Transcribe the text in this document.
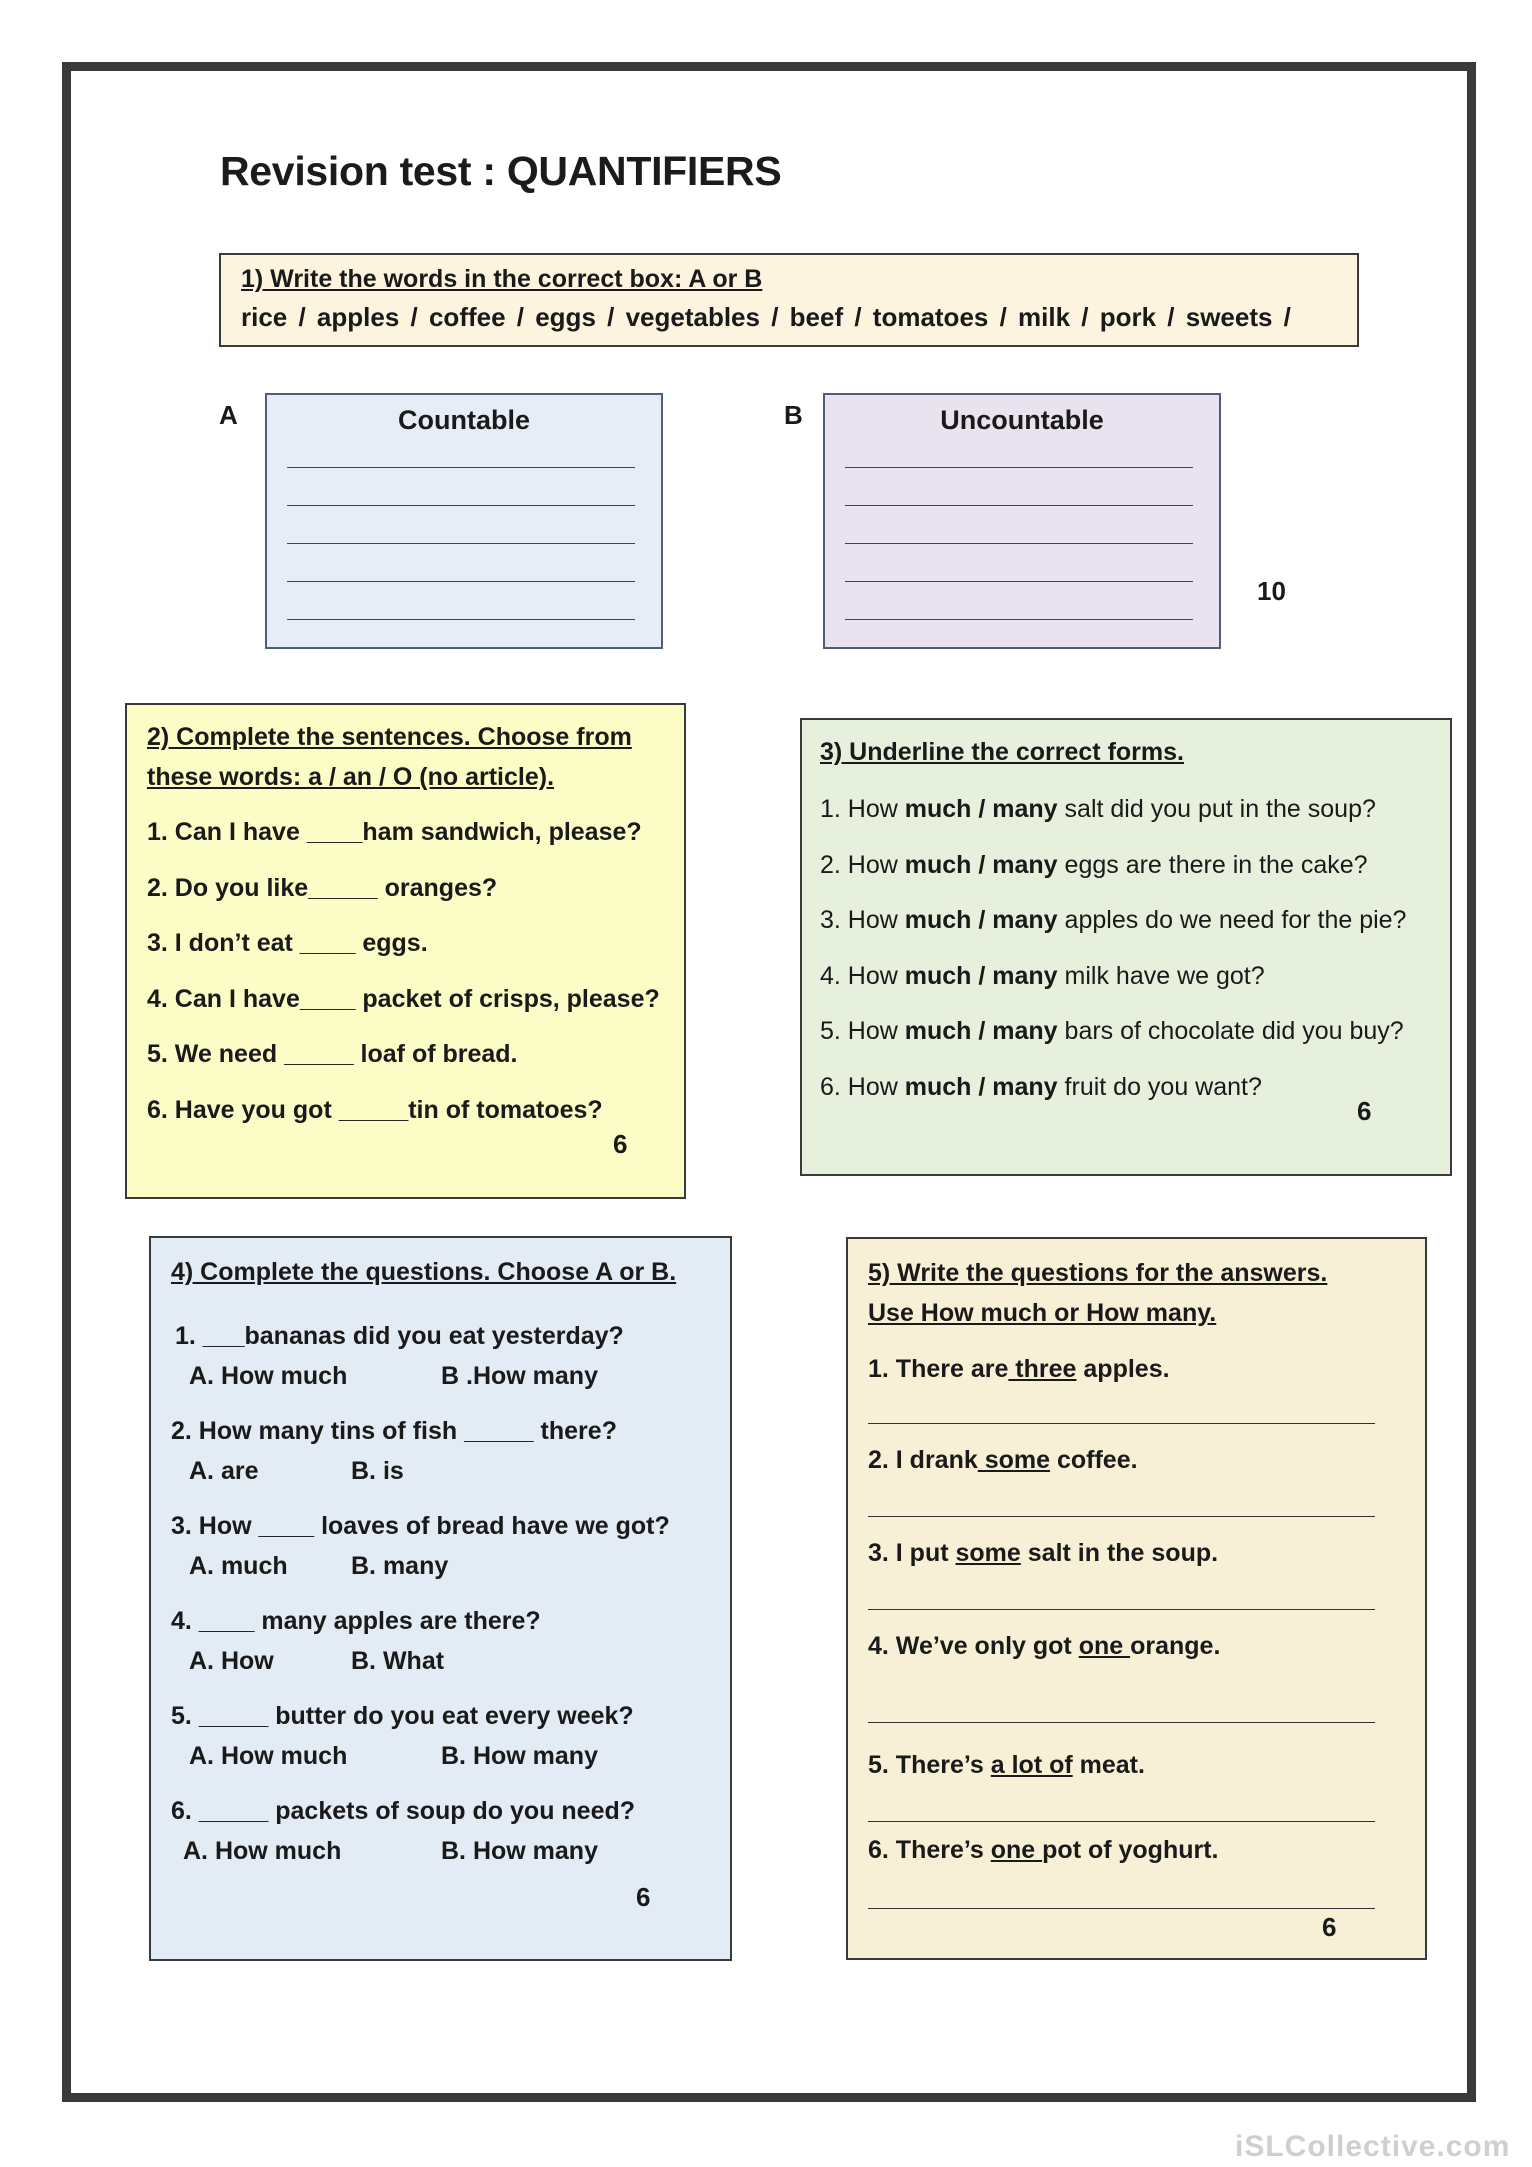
Revision test : QUANTIFIERS
1) Write the words in the correct box: A or B
rice / apples / coffee / eggs / vegetables / beef / tomatoes / milk / pork / sweets /
A	Countable	B	Uncountable
10
2) Complete the sentences. Choose from
these words: a / an / O (no article).

1. Can I have ____ham sandwich, please?

2. Do you like_____ oranges?

3. I don’t eat ____ eggs.

4. Can I have____ packet of crisps, please?

5. We need _____ loaf of bread.

6. Have you got _____tin of tomatoes?

6
3) Underline the correct forms.

1. How much / many salt did you put in the soup?

2. How much / many eggs are there in the cake?

3. How much / many apples do we need for the pie?

4. How much / many milk have we got?

5. How much / many bars of chocolate did you buy?

6. How much / many fruit do you want?

6
4) Complete the questions. Choose A or B.
1. ___bananas did you eat yesterday?
A. How much	B .How many
2. How many tins of fish _____ there?
A. are	B. is
3. How ____ loaves of bread have we got?
A. much	B. many
4. ____ many apples are there?
A. How	B. What
5. _____ butter do you eat every week?
A. How much	B. How many
6. _____ packets of soup do you need?
A. How much	B. How many
6
5) Write the questions for the answers.
Use How much or How many.

1. There are three apples.

2. I drank some coffee.

3. I put some salt in the soup.

4. We’ve only got one orange.

5. There’s a lot of meat.

6. There’s one pot of yoghurt.

6
iSLCollective.com
